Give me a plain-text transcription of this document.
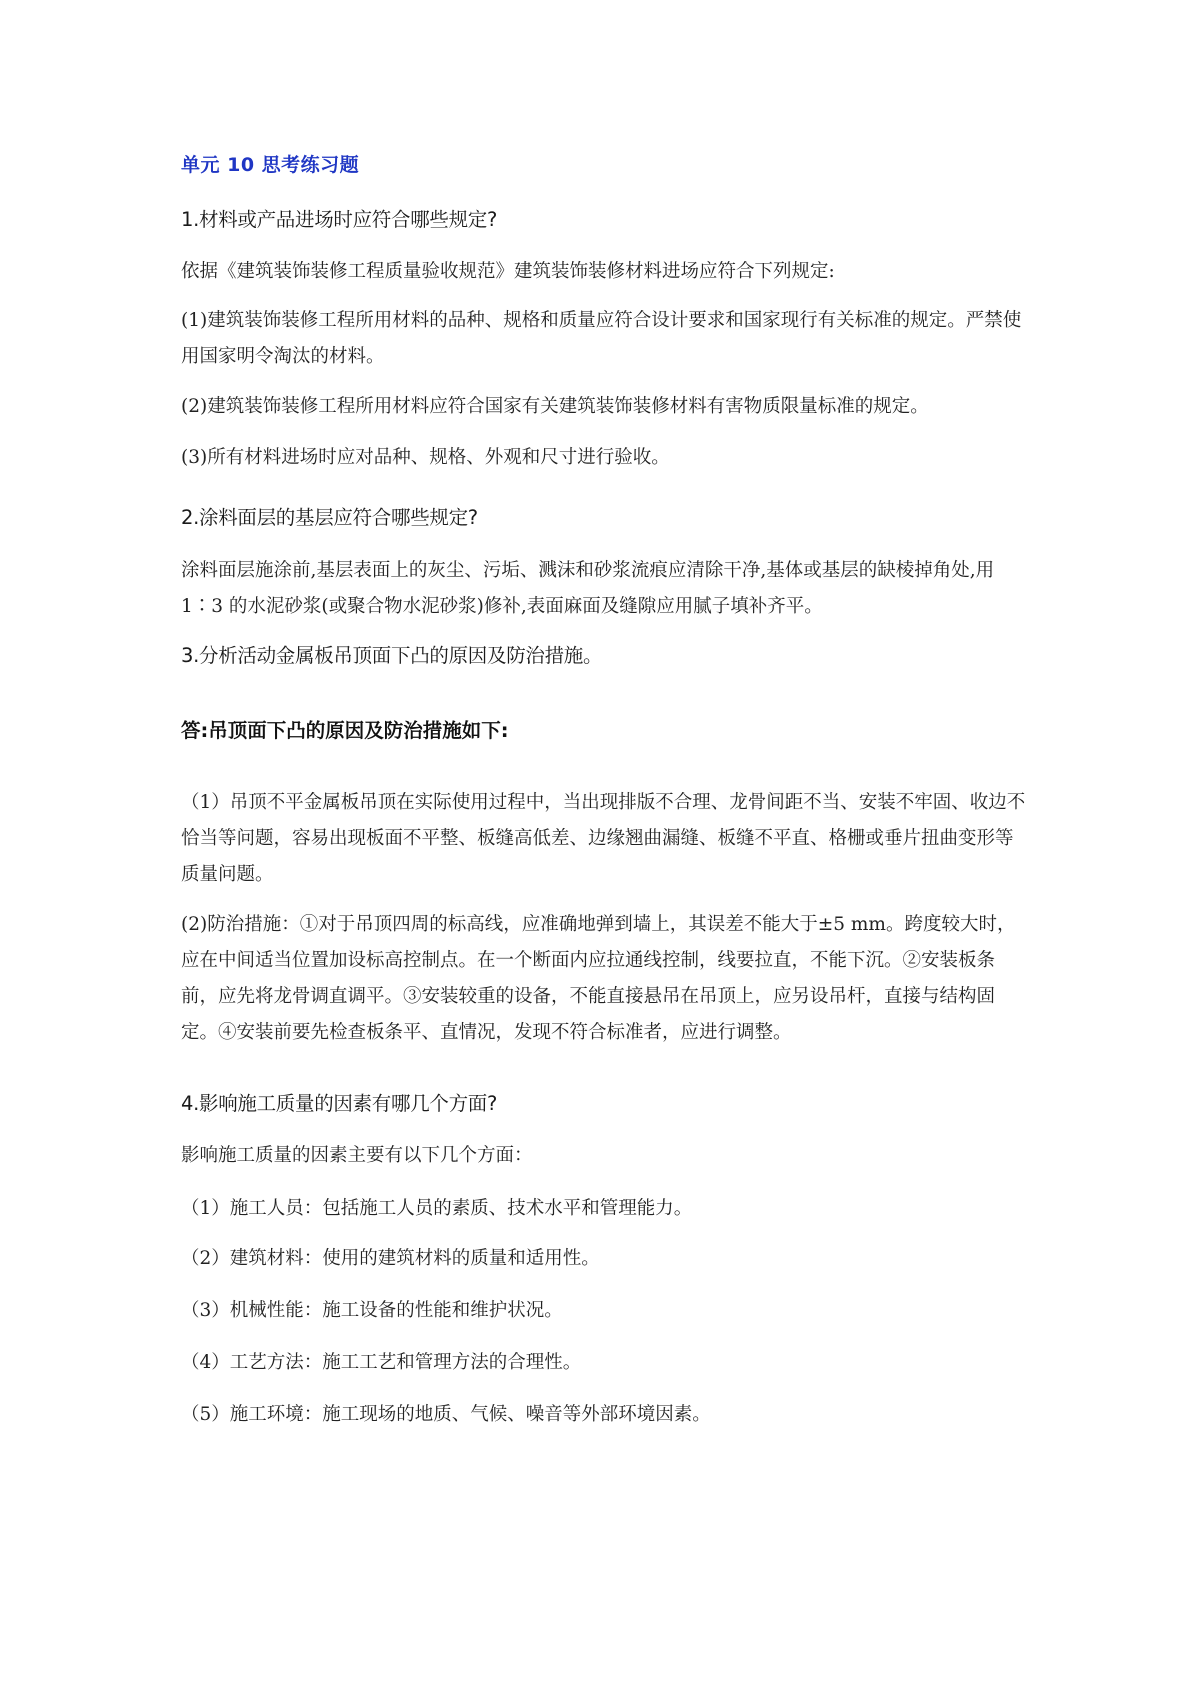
单元 10 思考练习题

1.材料或产品进场时应符合哪些规定?

依据《建筑装饰装修工程质量验收规范》建筑装饰装修材料进场应符合下列规定:

(1)建筑装饰装修工程所用材料的品种、规格和质量应符合设计要求和国家现行有关标准的规定。严禁使用国家明令淘汰的材料。

(2)建筑装饰装修工程所用材料应符合国家有关建筑装饰装修材料有害物质限量标准的规定。

(3)所有材料进场时应对品种、规格、外观和尺寸进行验收。

2.涂料面层的基层应符合哪些规定?

涂料面层施涂前,基层表面上的灰尘、污垢、溅沫和砂浆流痕应清除干净,基体或基层的缺棱掉角处,用 1∶3 的水泥砂浆(或聚合物水泥砂浆)修补,表面麻面及缝隙应用腻子填补齐平。

3.分析活动金属板吊顶面下凸的原因及防治措施。

答:吊顶面下凸的原因及防治措施如下:

（1）吊顶不平金属板吊顶在实际使用过程中，当出现排版不合理、龙骨间距不当、安装不牢固、收边不恰当等问题，容易出现板面不平整、板缝高低差、边缘翘曲漏缝、板缝不平直、格栅或垂片扭曲变形等质量问题。

(2)防治措施：①对于吊顶四周的标高线，应准确地弹到墙上，其误差不能大于±5 mm。跨度较大时，应在中间适当位置加设标高控制点。在一个断面内应拉通线控制，线要拉直，不能下沉。②安装板条前，应先将龙骨调直调平。③安装较重的设备，不能直接悬吊在吊顶上，应另设吊杆，直接与结构固定。④安装前要先检查板条平、直情况，发现不符合标准者，应进行调整。

4.影响施工质量的因素有哪几个方面?

影响施工质量的因素主要有以下几个方面：

（1）施工人员：包括施工人员的素质、技术水平和管理能力。

（2）建筑材料：使用的建筑材料的质量和适用性。

（3）机械性能：施工设备的性能和维护状况。

（4）工艺方法：施工工艺和管理方法的合理性。

（5）施工环境：施工现场的地质、气候、噪音等外部环境因素。
